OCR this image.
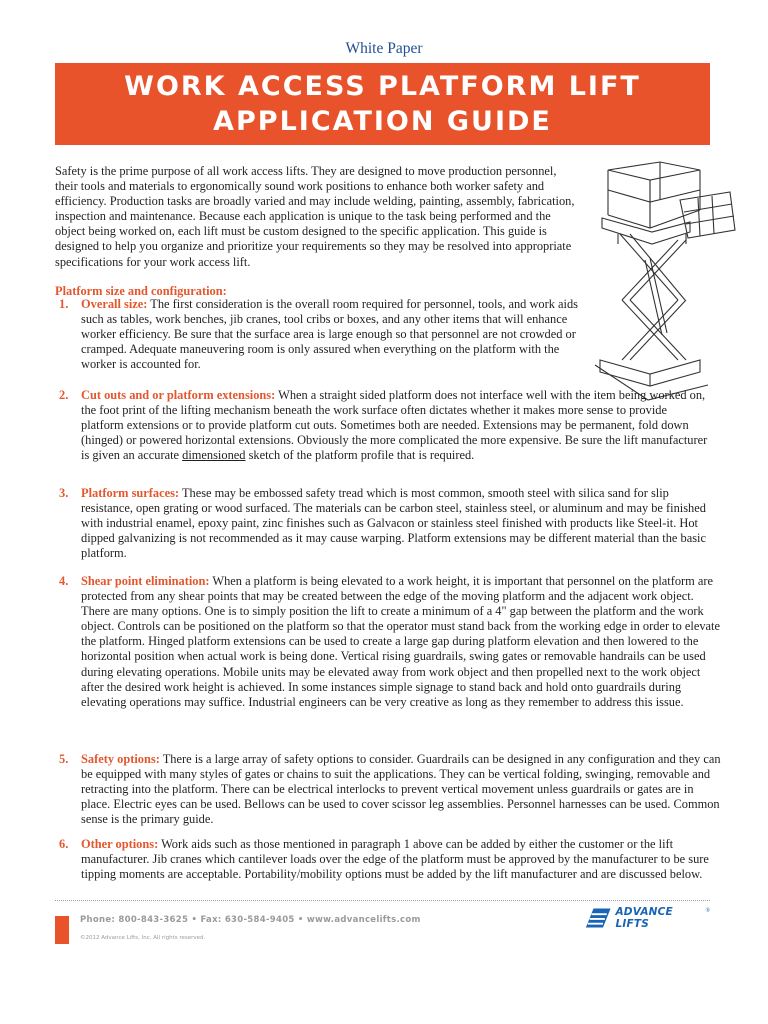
White Paper
WORK ACCESS PLATFORM LIFT
APPLICATION GUIDE

Safety is the prime purpose of all work access lifts. They are designed to move production personnel, their tools and materials to ergonomically sound work positions to enhance both worker safety and efficiency. Production tasks are broadly varied and may include welding, painting, assembly, fabrication, inspection and maintenance. Because each application is unique to the task being performed and the object being worked on, each lift must be custom designed to the specific application. This guide is designed to help you organize and prioritize your requirements so they may be resolved into appropriate specifications for your work access lift.

Platform size and configuration:
1. Overall size: The first consideration is the overall room required for personnel, tools, and work aids such as tables, work benches, jib cranes, tool cribs or boxes, and any other items that will enhance worker efficiency. Be sure that the surface area is large enough so that personnel are not crowded or cramped. Adequate maneuvering room is only assured when everything on the platform with the worker is accounted for.
2. Cut outs and or platform extensions: When a straight sided platform does not interface well with the item being worked on, the foot print of the lifting mechanism beneath the work surface often dictates whether it makes more sense to provide platform extensions or to provide platform cut outs. Sometimes both are needed. Extensions may be permanent, fold down (hinged) or powered horizontal extensions. Obviously the more complicated the more expensive. Be sure the lift manufacturer is given an accurate dimensioned sketch of the platform profile that is required.
3. Platform surfaces: These may be embossed safety tread which is most common, smooth steel with silica sand for slip resistance, open grating or wood surfaced. The materials can be carbon steel, stainless steel, or aluminum and may be finished with industrial enamel, epoxy paint, zinc finishes such as Galvacon or stainless steel finished with products like Steel-it. Hot dipped galvanizing is not recommended as it may cause warping. Platform extensions may be different material than the basic platform.
4. Shear point elimination: When a platform is being elevated to a work height, it is important that personnel on the platform are protected from any shear points that may be created between the edge of the moving platform and the adjacent work object. There are many options. One is to simply position the lift to create a minimum of a 4" gap between the platform and the work object. Controls can be positioned on the platform so that the operator must stand back from the working edge in order to elevate the platform. Hinged platform extensions can be used to create a large gap during platform elevation and then lowered to the horizontal position when actual work is being done. Vertical rising guardrails, swing gates or removable handrails can be used during elevating operations. Mobile units may be elevated away from work object and then propelled next to the work object after the desired work height is achieved. In some instances simple signage to stand back and hold onto guardrails during elevating operations may suffice. Industrial engineers can be very creative as long as they remember to address this issue.
5. Safety options: There is a large array of safety options to consider. Guardrails can be designed in any configuration and they can be equipped with many styles of gates or chains to suit the applications. They can be vertical folding, swinging, removable and retracting into the platform. There can be electrical interlocks to prevent vertical movement unless guardrails or gates are in place. Electric eyes can be used. Bellows can be used to cover scissor leg assemblies. Personnel harnesses can be used. Common sense is the primary guide.
6. Other options: Work aids such as those mentioned in paragraph 1 above can be added by either the customer or the lift manufacturer. Jib cranes which cantilever loads over the edge of the platform must be approved by the manufacturer to be sure tipping moments are acceptable. Portability/mobility options must be added by the lift manufacturer and are discussed below.
Phone: 800-843-3625 • Fax: 630-584-9405 • www.advancelifts.com
©2012 Advance Lifts, Inc. All rights reserved.
ADVANCE LIFTS
®
